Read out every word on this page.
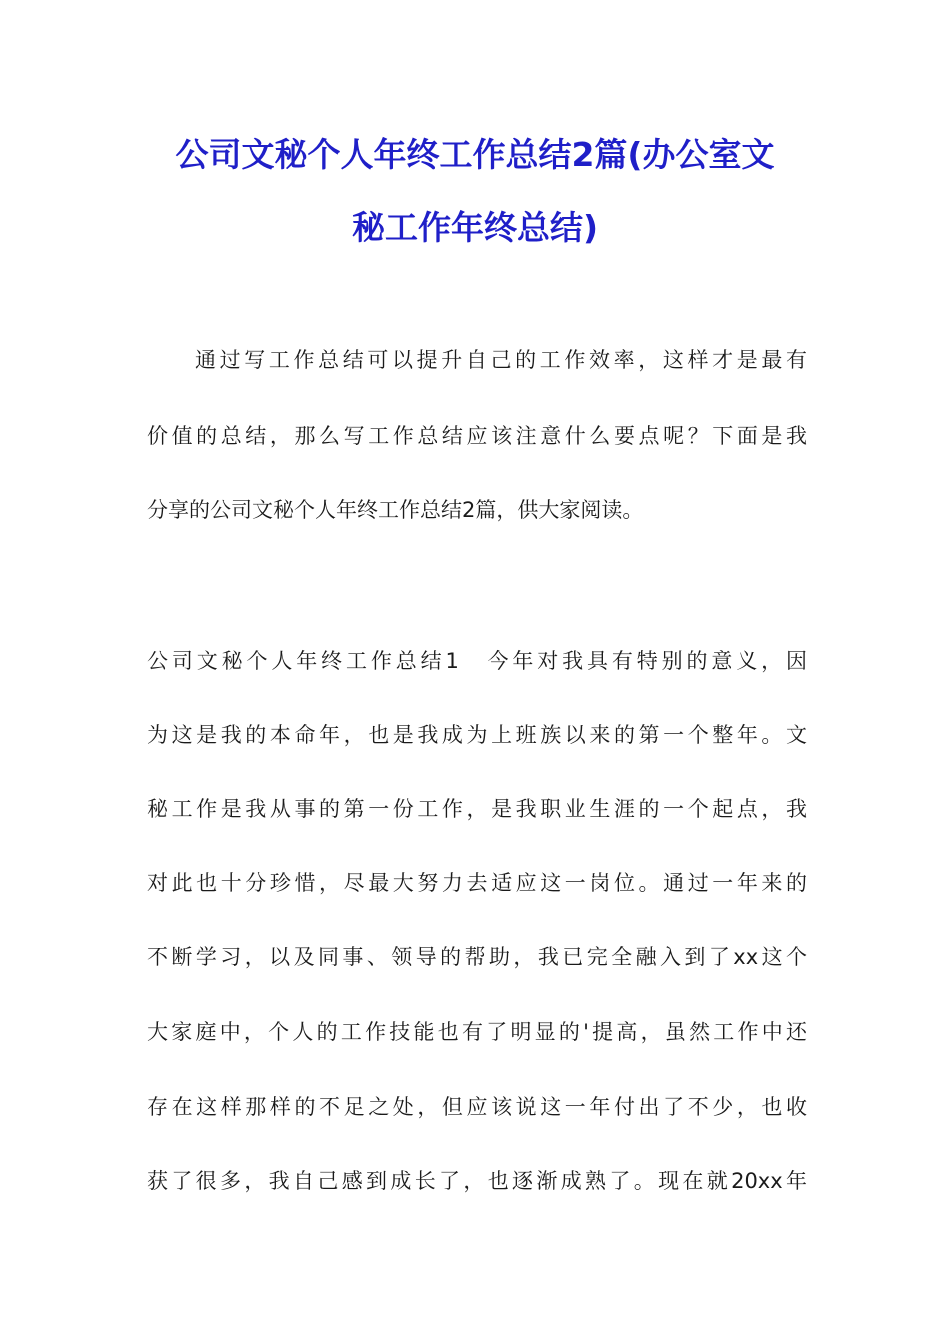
公司文秘个人年终工作总结2篇(办公室文
秘工作年终总结)
通过写工作总结可以提升自己的工作效率，这样才是最有
价值的总结，那么写工作总结应该注意什么要点呢？下面是我
分享的公司文秘个人年终工作总结2篇，供大家阅读。
公司文秘个人年终工作总结1　今年对我具有特别的意义，因
为这是我的本命年，也是我成为上班族以来的第一个整年。文
秘工作是我从事的第一份工作，是我职业生涯的一个起点，我
对此也十分珍惜，尽最大努力去适应这一岗位。通过一年来的
不断学习，以及同事、领导的帮助，我已完全融入到了xx这个
大家庭中，个人的工作技能也有了明显的'提高，虽然工作中还
存在这样那样的不足之处，但应该说这一年付出了不少，也收
获了很多，我自己感到成长了，也逐渐成熟了。现在就20xx年
